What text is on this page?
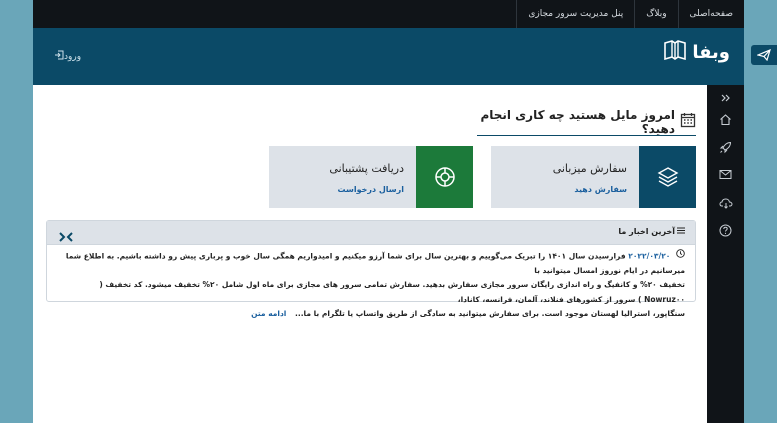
صفحه‌اصلی
وبلاگ
پنل مدیریت سرور مجازی
وبفا
ورود
امروز مایل هستید چه کاری انجام دهید؟
سفارش میزبانی
سفارش دهید
دریافت پشتیبانی
ارسال درخواست
آخرین اخبار ما
۲۰۲۲/۰۳/۲۰ فرارسیدن سال ۱۴۰۱ را تبریک می‌گوییم و بهترین سال برای شما آرزو میکنیم و امیدواریم همگی سال خوب و پرباری پیش رو داشته باشیم. به اطلاع شما میرسانیم در ایام نوروز امسال میتوانید با
تخفیف ۲۰% و کانفیگ و راه اندازی رایگان سرور مجازی سفارش بدهید. سفارش تمامی سرور های مجازی برای ماه اول شامل ۲۰% تخفیف میشود. کد تخفیف ( Nowruz۰۰ ) سرور از کشورهای فنلاند، آلمان، فرانسه، کانادا،
سنگاپور، استرالیا لهستان موجود است. برای سفارش میتوانید به سادگی از طریق واتساپ یا تلگرام با ما... ادامه متن
